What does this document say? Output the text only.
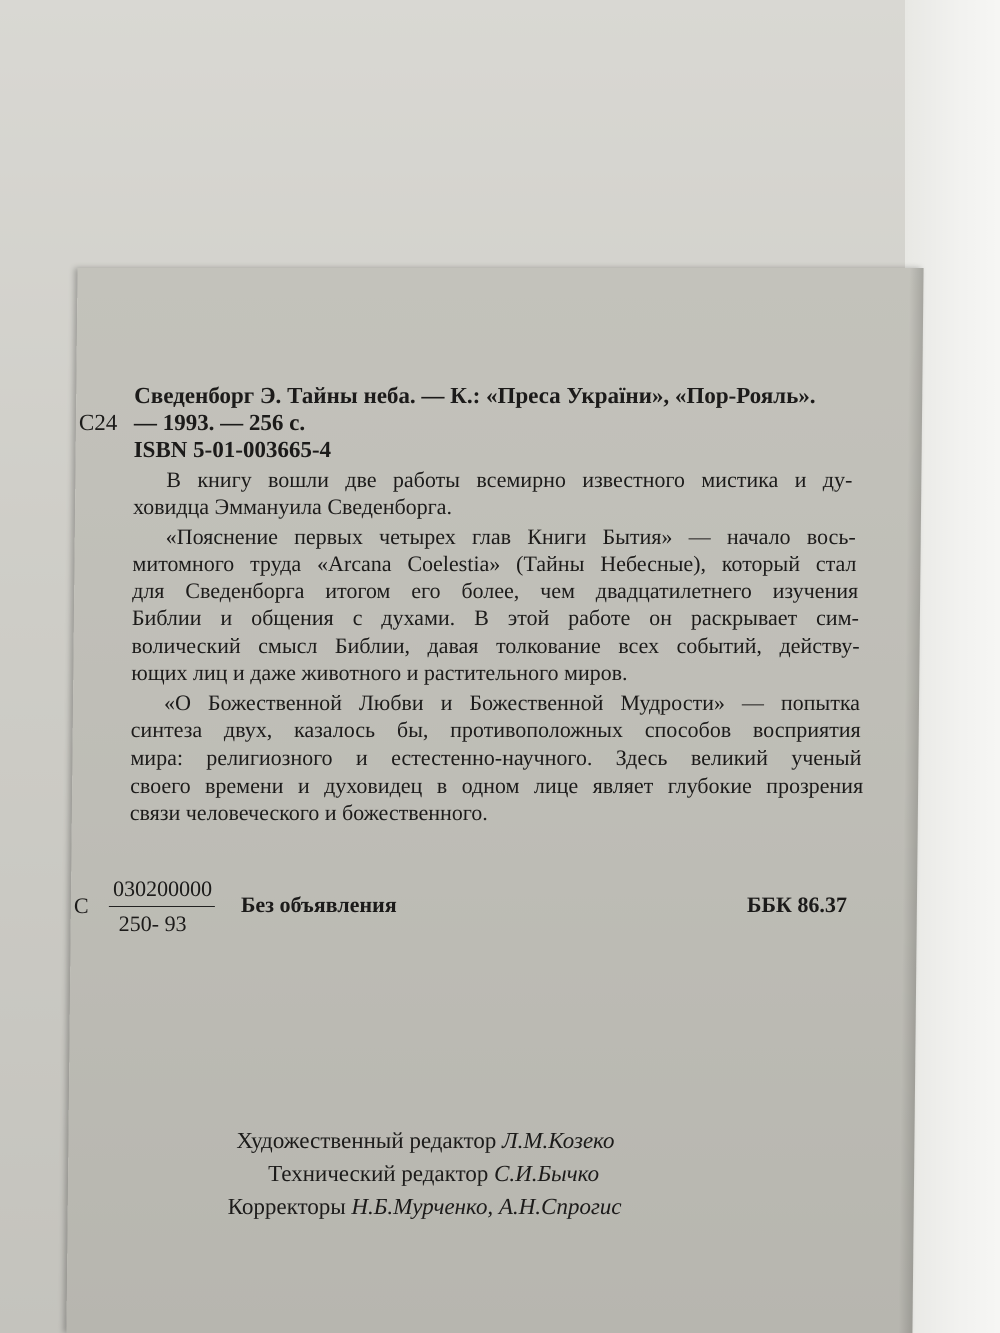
Сведенборг Э. Тайны неба. — К.: «Преса України», «Пор-Рояль».
С24 — 1993. — 256 с.
ISBN 5-01-003665-4
В книгу вошли две работы всемирно известного мистика и ду-
ховидца Эммануила Сведенборга.
«Пояснение первых четырех глав Книги Бытия» — начало вось-
митомного труда «Arcana Coelestia» (Тайны Небесные), который стал
для Сведенборга итогом его более, чем двадцатилетнего изучения
Библии и общения с духами. В этой работе он раскрывает сим-
волический смысл Библии, давая толкование всех событий, действу-
ющих лиц и даже животного и растительного миров.
«О Божественной Любви и Божественной Мудрости» — попытка
синтеза двух, казалось бы, противоположных способов восприятия
мира: религиозного и естестенно-научного. Здесь великий ученый
своего времени и духовидец в одном лице являет глубокие прозрения
связи человеческого и божественного.
С
030200000
250- 93
Без объявления	ББК 86.37
Художественный редактор Л.М.Козеко
Технический редактор С.И.Бычко
Корректоры Н.Б.Мурченко, А.Н.Спрогис
